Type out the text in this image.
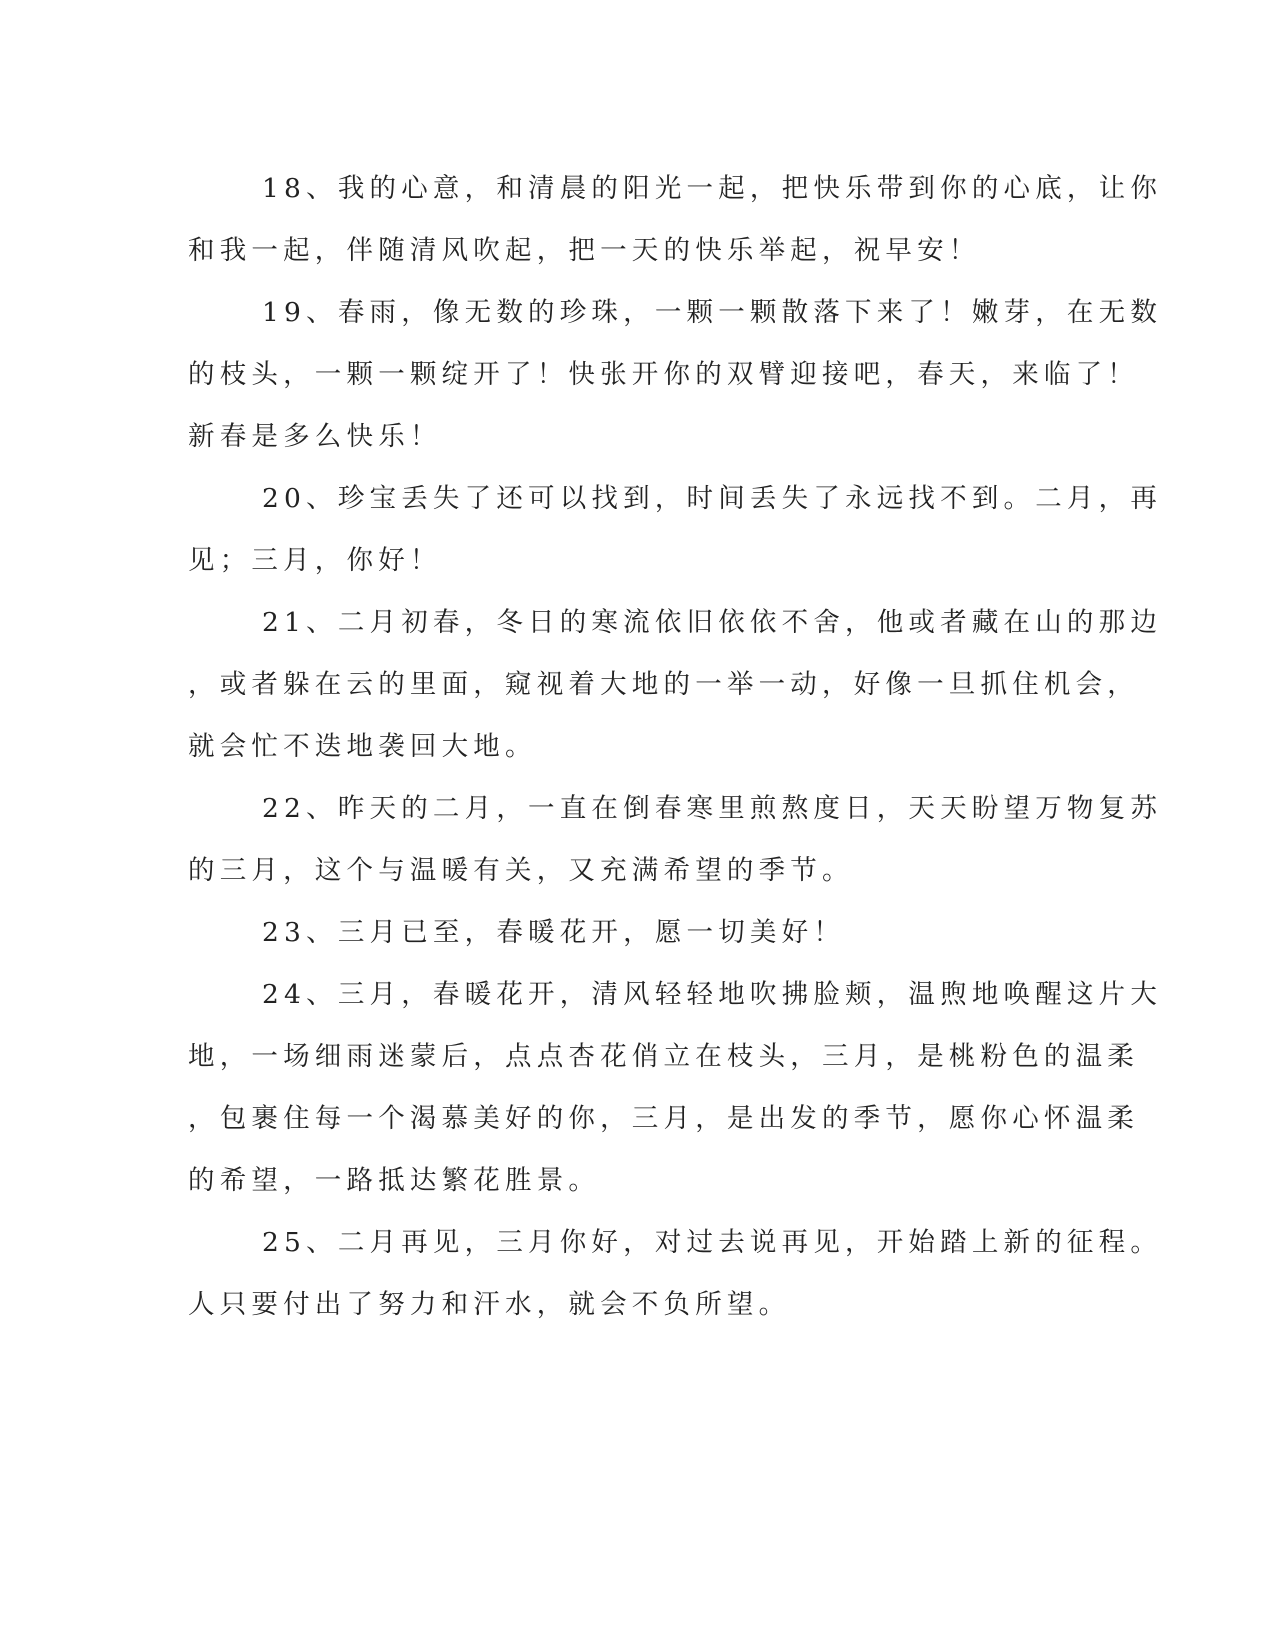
18、我的心意，和清晨的阳光一起，把快乐带到你的心底，让你
和我一起，伴随清风吹起，把一天的快乐举起，祝早安！
19、春雨，像无数的珍珠，一颗一颗散落下来了！嫩芽，在无数
的枝头，一颗一颗绽开了！快张开你的双臂迎接吧，春天，来临了！
新春是多么快乐！
20、珍宝丢失了还可以找到，时间丢失了永远找不到。二月，再
见；三月，你好！
21、二月初春，冬日的寒流依旧依依不舍，他或者藏在山的那边
，或者躲在云的里面，窥视着大地的一举一动，好像一旦抓住机会，
就会忙不迭地袭回大地。
22、昨天的二月，一直在倒春寒里煎熬度日，天天盼望万物复苏
的三月，这个与温暖有关，又充满希望的季节。
23、三月已至，春暖花开，愿一切美好！
24、三月，春暖花开，清风轻轻地吹拂脸颊，温煦地唤醒这片大
地，一场细雨迷蒙后，点点杏花俏立在枝头，三月，是桃粉色的温柔
，包裹住每一个渴慕美好的你，三月，是出发的季节，愿你心怀温柔
的希望，一路抵达繁花胜景。
25、二月再见，三月你好，对过去说再见，开始踏上新的征程。
人只要付出了努力和汗水，就会不负所望。
